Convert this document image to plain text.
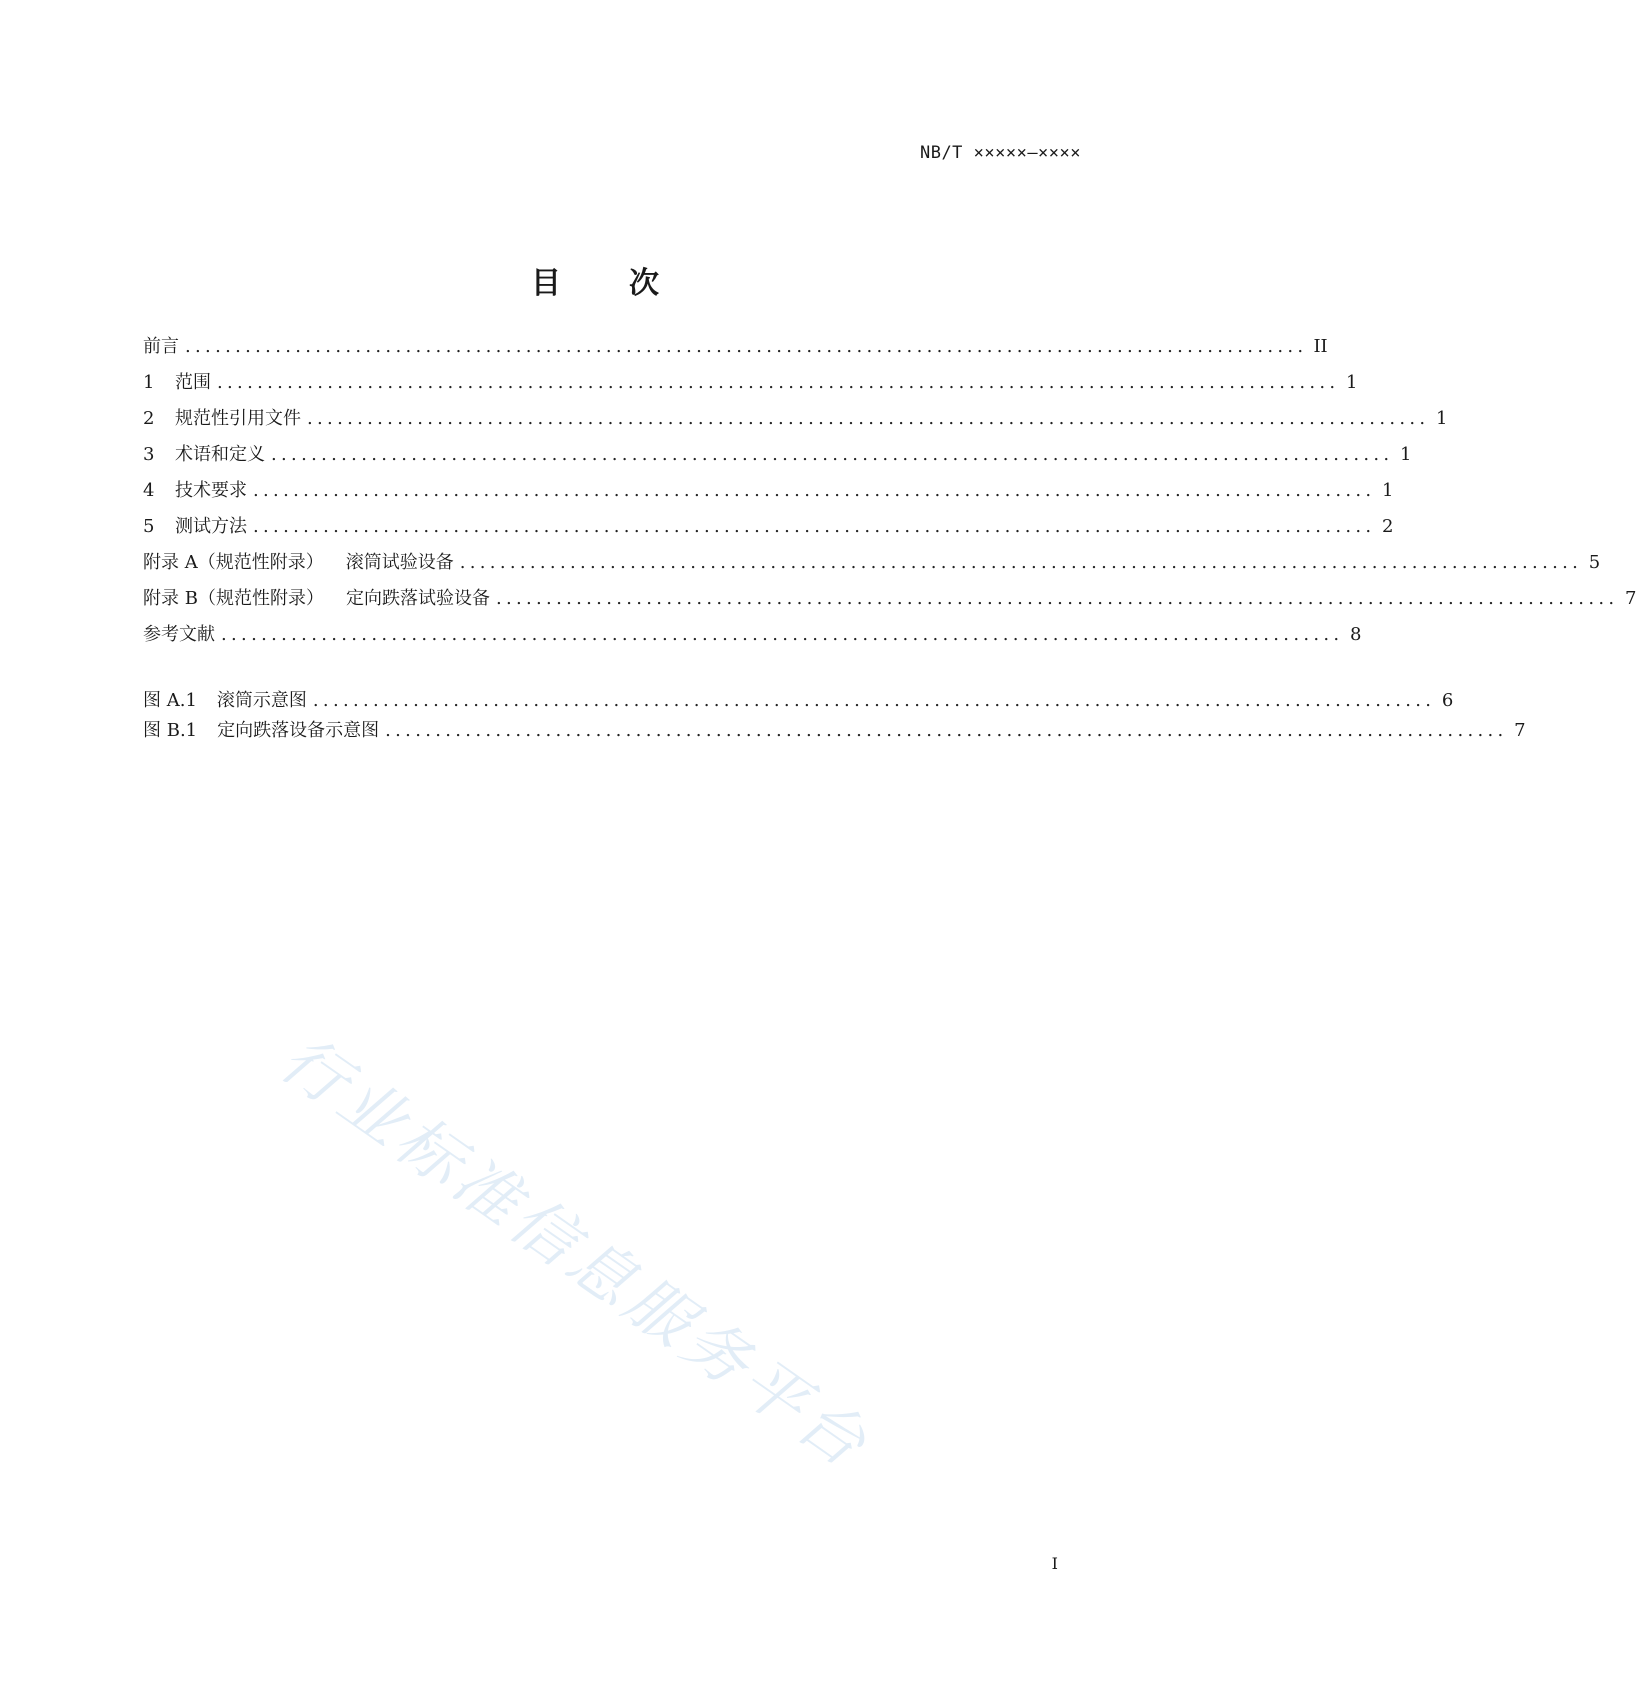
NB/T ×××××—××××
目 次
前言 ................................................................................................................ II
1	范围 ................................................................................................................ 1
2	规范性引用文件 ................................................................................................................ 1
3	术语和定义 ................................................................................................................ 1
4	技术要求 ................................................................................................................ 1
5	测试方法 ................................................................................................................ 2
附录 A（规范性附录） 滚筒试验设备 ................................................................................................................ 5
附录 B（规范性附录） 定向跌落试验设备 ................................................................................................................ 7
参考文献 ................................................................................................................ 8
图 A.1 滚筒示意图 ................................................................................................................ 6
图 B.1 定向跌落设备示意图 ................................................................................................................ 7
行业标准信息服务平台
I
